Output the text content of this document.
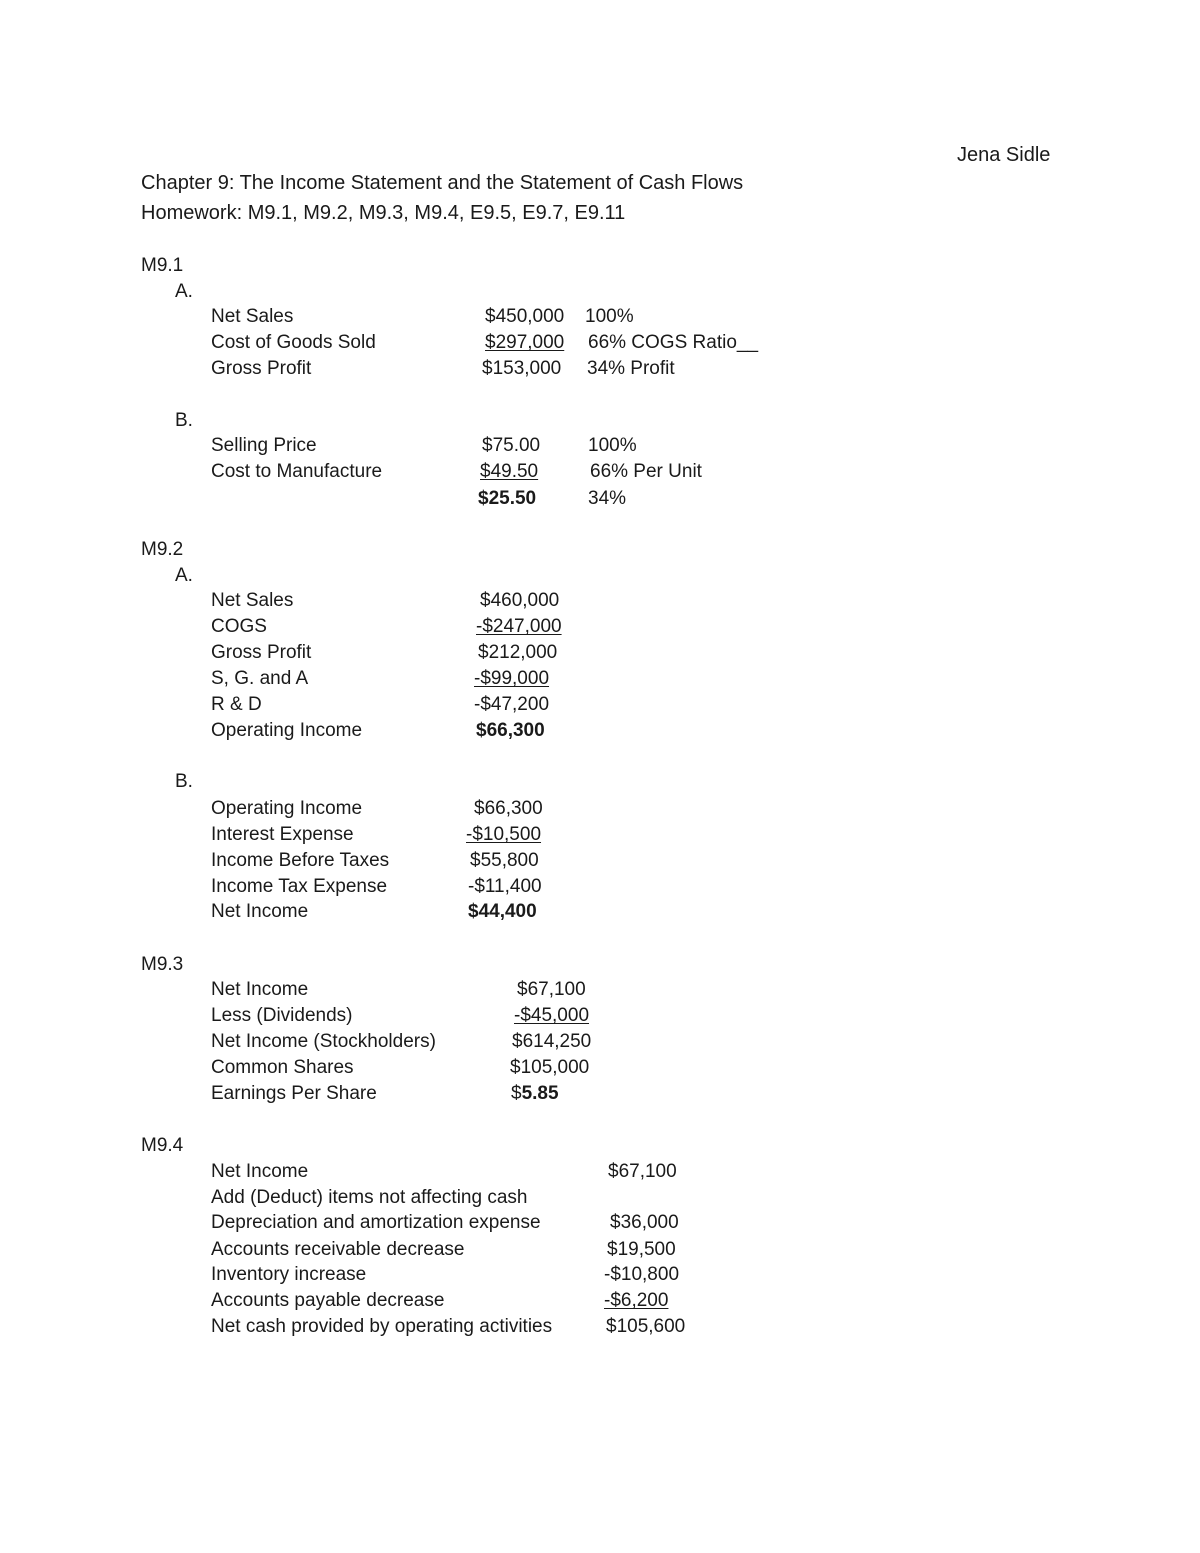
Jena Sidle
Chapter 9: The Income Statement and the Statement of Cash Flows
Homework: M9.1, M9.2, M9.3, M9.4, E9.5, E9.7, E9.11
M9.1
A.
Net Sales	$450,000 100%
Cost of Goods Sold	$297,000 66% COGS Ratio__
Gross Profit	$153,000 34% Profit
B.
Selling Price	$75.00	100%
Cost to Manufacture	$49.50	66% Per Unit
$25.50	34%
M9.2
A.
Net Sales	$460,000
COGS	-$247,000
Gross Profit	$212,000
S, G. and A	-$99,000
R & D	-$47,200
Operating Income	$66,300
B.
Operating Income	$66,300
Interest Expense	-$10,500
Income Before Taxes	$55,800
Income Tax Expense	-$11,400
Net Income	$44,400
M9.3
Net Income	$67,100
Less (Dividends)	-$45,000
Net Income (Stockholders)	$614,250
Common Shares	$105,000
Earnings Per Share	$5.85
M9.4
Net Income	$67,100
Add (Deduct) items not affecting cash
Depreciation and amortization expense	$36,000
Accounts receivable decrease	$19,500
Inventory increase	-$10,800
Accounts payable decrease	-$6,200
Net cash provided by operating activities	$105,600
